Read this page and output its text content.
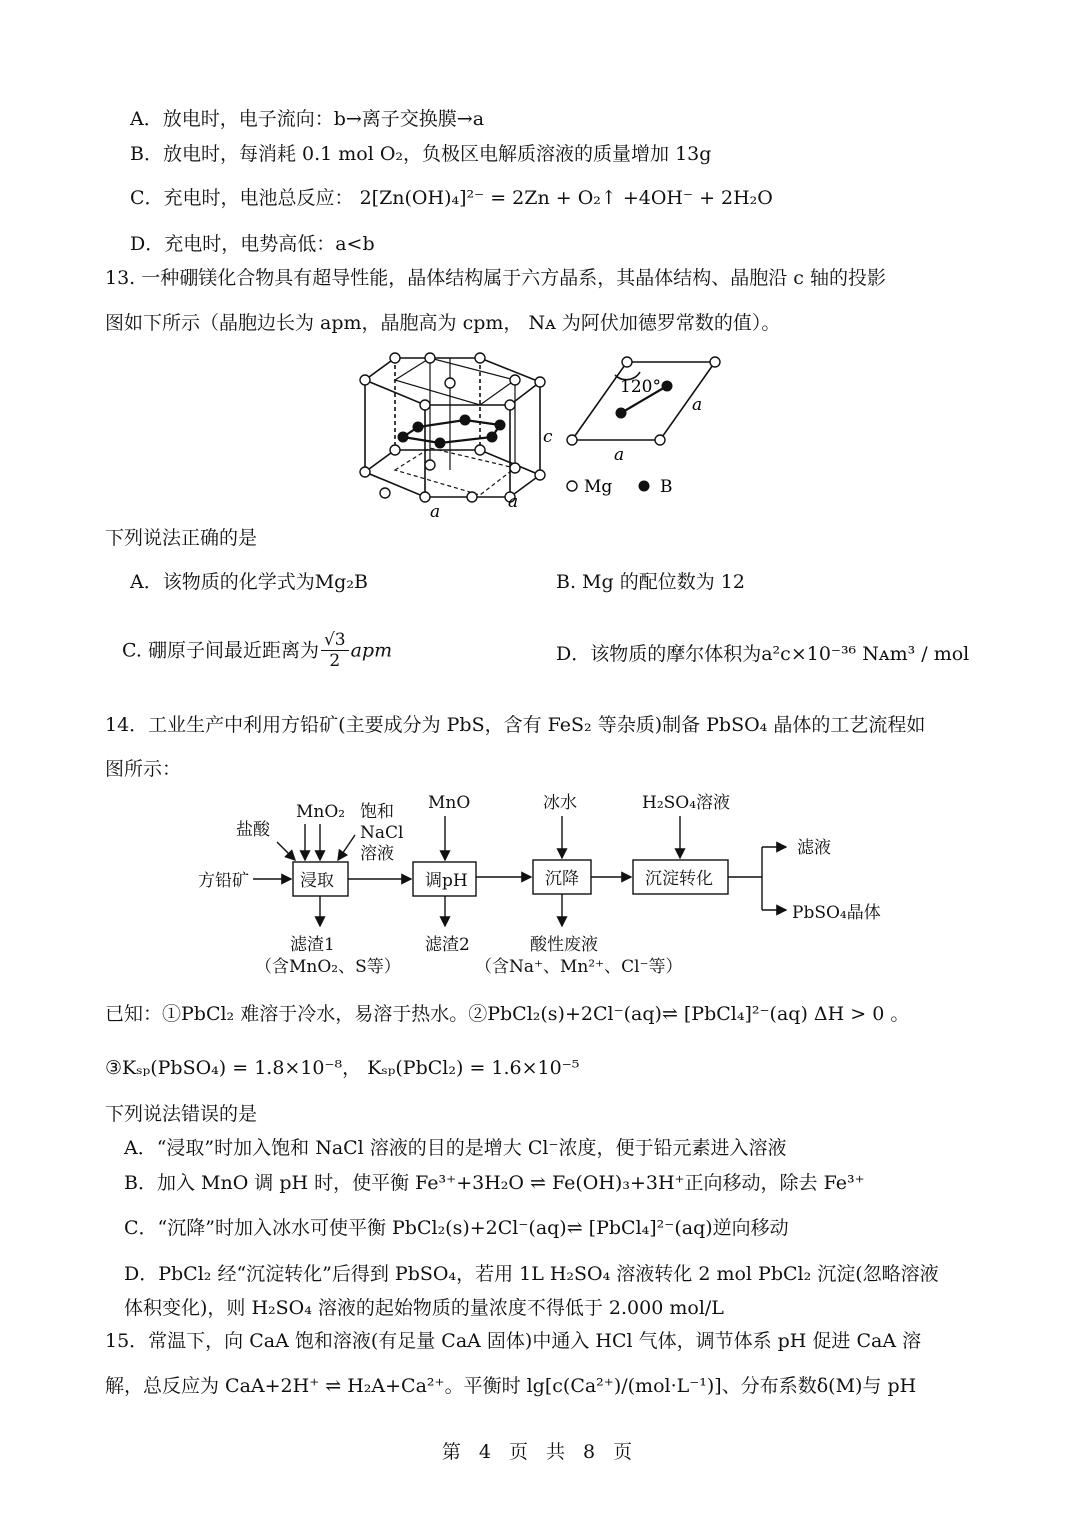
A．放电时，电子流向：b→离子交换膜→a
B．放电时，每消耗 0.1 mol O₂，负极区电解质溶液的质量增加 13g
C．充电时，电池总反应： 2[Zn(OH)₄]²⁻ = 2Zn + O₂↑ +4OH⁻ + 2H₂O
D．充电时，电势高低：a<b
13. 一种硼镁化合物具有超导性能，晶体结构属于六方晶系，其晶体结构、晶胞沿 c 轴的投影
图如下所示（晶胞边长为 apm，晶胞高为 cpm， Nᴀ 为阿伏加德罗常数的值）。
c
a	a
120°
a
a
Mg	B
下列说法正确的是
A．该物质的化学式为Mg₂B	B. Mg 的配位数为 12
C. 硼原子间最近距离为 $\frac{√3}{2}$ apm	D．该物质的摩尔体积为a²c×10⁻³⁶ Nᴀm³ / mol
14．工业生产中利用方铅矿(主要成分为 PbS，含有 FeS₂ 等杂质)制备 PbSO₄ 晶体的工艺流程如
图所示：
盐酸
MnO₂ 饱和
NaCl
溶液
MnO	冰水	H₂SO₄溶液
方铅矿	浸取	调pH	沉降	沉淀转化
滤液
PbSO₄晶体
滤渣1
（含MnO₂、S等）
滤渣2	酸性废液
（含Na⁺、Mn²⁺、Cl⁻等）
已知：①PbCl₂ 难溶于冷水，易溶于热水。②PbCl₂(s)+2Cl⁻(aq)⇌ [PbCl₄]²⁻(aq) ΔH > 0 。
③Kₛₚ(PbSO₄) = 1.8×10⁻⁸， Kₛₚ(PbCl₂) = 1.6×10⁻⁵
下列说法错误的是
A．“浸取”时加入饱和 NaCl 溶液的目的是增大 Cl⁻浓度，便于铅元素进入溶液
B．加入 MnO 调 pH 时，使平衡 Fe³⁺+3H₂O ⇌ Fe(OH)₃+3H⁺正向移动，除去 Fe³⁺
C．“沉降”时加入冰水可使平衡 PbCl₂(s)+2Cl⁻(aq)⇌ [PbCl₄]²⁻(aq)逆向移动
D．PbCl₂ 经“沉淀转化”后得到 PbSO₄，若用 1L H₂SO₄ 溶液转化 2 mol PbCl₂ 沉淀(忽略溶液
体积变化)，则 H₂SO₄ 溶液的起始物质的量浓度不得低于 2.000 mol/L
15．常温下，向 CaA 饱和溶液(有足量 CaA 固体)中通入 HCl 气体，调节体系 pH 促进 CaA 溶
解，总反应为 CaA+2H⁺ ⇌ H₂A+Ca²⁺。平衡时 lg[c(Ca²⁺)/(mol·L⁻¹)]、分布系数δ(M)与 pH
第 4 页 共 8 页
